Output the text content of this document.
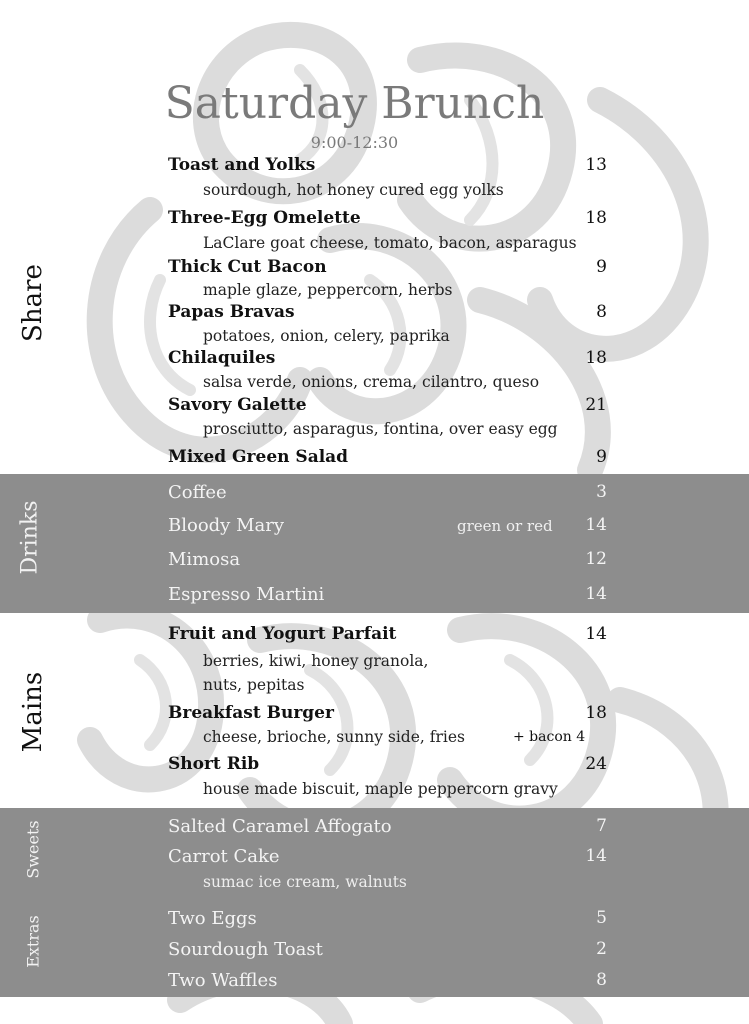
Saturday Brunch
9:00-12:30
Share
Drinks
Mains
Sweets
Extras
Toast and Yolks	13
sourdough, hot honey cured egg yolks
Three-Egg Omelette	18
LaClare goat cheese, tomato, bacon, asparagus
Thick Cut Bacon	9
maple glaze, peppercorn, herbs
Papas Bravas	8
potatoes, onion, celery, paprika
Chilaquiles	18
salsa verde, onions, crema, cilantro, queso
Savory Galette	21
prosciutto, asparagus, fontina, over easy egg
Mixed Green Salad	9
Coffee	3
Bloody Mary	green or red 14
Mimosa	12
Espresso Martini	14
Fruit and Yogurt Parfait	14
berries, kiwi, honey granola,
nuts, pepitas
Breakfast Burger	18
cheese, brioche, sunny side, fries	+ bacon 4
Short Rib	24
house made biscuit, maple peppercorn gravy
Salted Caramel Affogato	7
Carrot Cake	14
sumac ice cream, walnuts
Two Eggs	5
Sourdough Toast	2
Two Waffles	8
